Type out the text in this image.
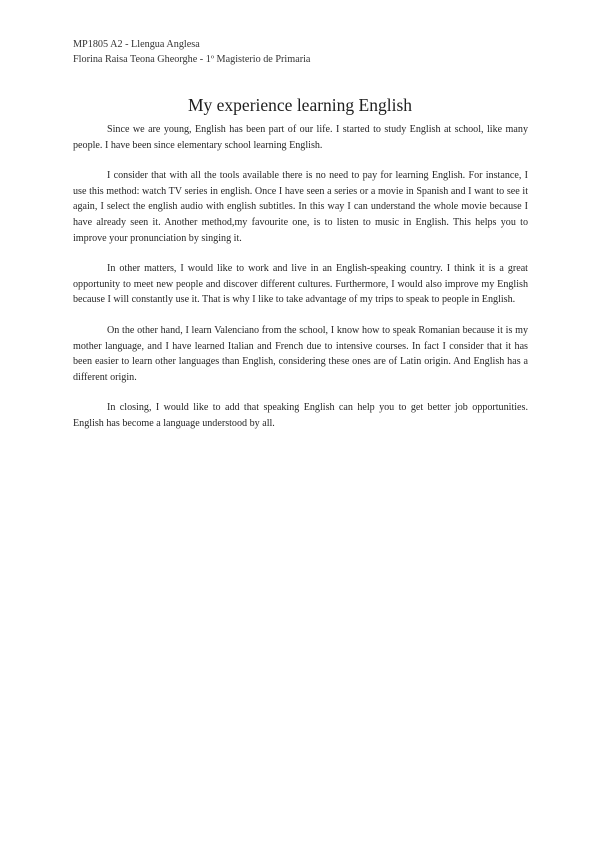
MP1805 A2 - Llengua Anglesa
Florina Raisa Teona Gheorghe - 1º Magisterio de Primaria
My experience learning English

Since we are young, English has been part of our life. I started to study English at school, like many people. I have been since elementary school learning English.

I consider that with all the tools available there is no need to pay for learning English. For instance, I use this method: watch TV series in english. Once I have seen a series or a movie in Spanish and I want to see it again, I select the english audio with english subtitles. In this way I can understand the whole movie because I have already seen it. Another method,my favourite one, is to listen to music in English. This helps you to improve your pronunciation by singing it.

In other matters, I would like to work and live in an English-speaking country. I think it is a great opportunity to meet new people and discover different cultures. Furthermore, I would also improve my English because I will constantly use it. That is why I like to take advantage of my trips to speak to people in English.

On the other hand, I learn Valenciano from the school, I know how to speak Romanian because it is my mother language, and I have learned Italian and French due to intensive courses. In fact I consider that it has been easier to learn other languages than English, considering these ones are of Latin origin. And English has a different origin.

In closing, I would like to add that speaking English can help you to get better job opportunities. English has become a language understood by all.
